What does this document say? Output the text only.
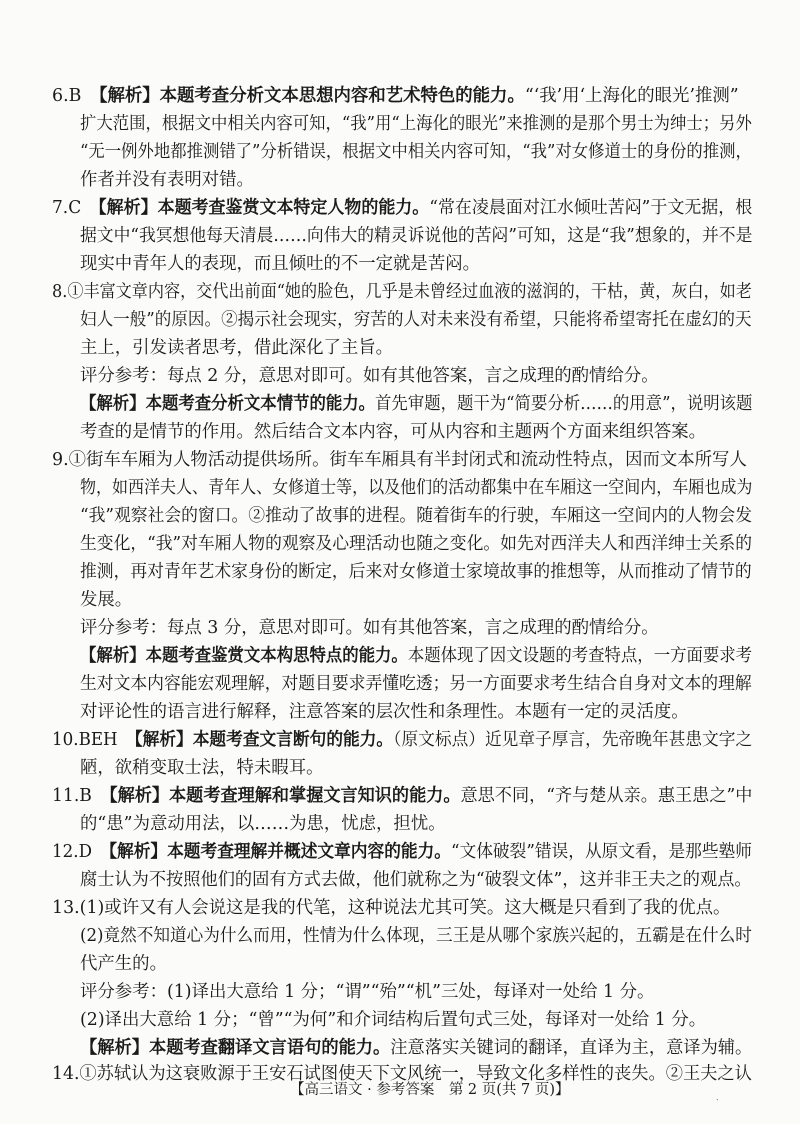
6.B　【解析】本题考查分析文本思想内容和艺术特色的能力。“‘我’用‘上海化的眼光’推测”
扩大范围，根据文中相关内容可知，“我”用“上海化的眼光”来推测的是那个男士为绅士；另外
“无一例外地都推测错了”分析错误，根据文中相关内容可知，“我”对女修道士的身份的推测，
作者并没有表明对错。
7.C　【解析】本题考查鉴赏文本特定人物的能力。“常在凌晨面对江水倾吐苦闷”于文无据，根
据文中“我冥想他每天清晨……向伟大的精灵诉说他的苦闷”可知，这是“我”想象的，并不是
现实中青年人的表现，而且倾吐的不一定就是苦闷。
8.①丰富文章内容，交代出前面“她的脸色，几乎是未曾经过血液的滋润的，干枯，黄，灰白，如老
妇人一般”的原因。②揭示社会现实，穷苦的人对未来没有希望，只能将希望寄托在虚幻的天
主上，引发读者思考，借此深化了主旨。
评分参考：每点 2 分，意思对即可。如有其他答案，言之成理的酌情给分。
【解析】本题考查分析文本情节的能力。首先审题，题干为“简要分析……的用意”，说明该题
考查的是情节的作用。然后结合文本内容，可从内容和主题两个方面来组织答案。
9.①街车车厢为人物活动提供场所。街车车厢具有半封闭式和流动性特点，因而文本所写人
物，如西洋夫人、青年人、女修道士等，以及他们的活动都集中在车厢这一空间内，车厢也成为
“我”观察社会的窗口。②推动了故事的进程。随着街车的行驶，车厢这一空间内的人物会发
生变化，“我”对车厢人物的观察及心理活动也随之变化。如先对西洋夫人和西洋绅士关系的
推测，再对青年艺术家身份的断定，后来对女修道士家境故事的推想等，从而推动了情节的
发展。
评分参考：每点 3 分，意思对即可。如有其他答案，言之成理的酌情给分。
【解析】本题考查鉴赏文本构思特点的能力。本题体现了因文设题的考查特点，一方面要求考
生对文本内容能宏观理解，对题目要求弄懂吃透；另一方面要求考生结合自身对文本的理解
对评论性的语言进行解释，注意答案的层次性和条理性。本题有一定的灵活度。
10.BEH　【解析】本题考查文言断句的能力。（原文标点）近见章子厚言，先帝晚年甚患文字之
陋，欲稍变取士法，特未暇耳。
11.B　【解析】本题考查理解和掌握文言知识的能力。意思不同，“齐与楚从亲。惠王患之”中
的“患”为意动用法，以……为患，忧虑，担忧。
12.D　【解析】本题考查理解并概述文章内容的能力。“文体破裂”错误，从原文看，是那些塾师
腐士认为不按照他们的固有方式去做，他们就称之为“破裂文体”，这并非王夫之的观点。
13.(1)或许又有人会说这是我的代笔，这种说法尤其可笑。这大概是只看到了我的优点。
(2)竟然不知道心为什么而用，性情为什么体现，三王是从哪个家族兴起的，五霸是在什么时
代产生的。
评分参考：(1)译出大意给 1 分；“谓”“殆”“机”三处，每译对一处给 1 分。
(2)译出大意给 1 分；“曾”“为何”和介词结构后置句式三处，每译对一处给 1 分。
【解析】本题考查翻译文言语句的能力。注意落实关键词的翻译，直译为主，意译为辅。
14.①苏轼认为这衰败源于王安石试图使天下文风统一，导致文化多样性的丧失。②王夫之认
【高三语文 · 参考答案　第 2 页(共 7 页)】	．
